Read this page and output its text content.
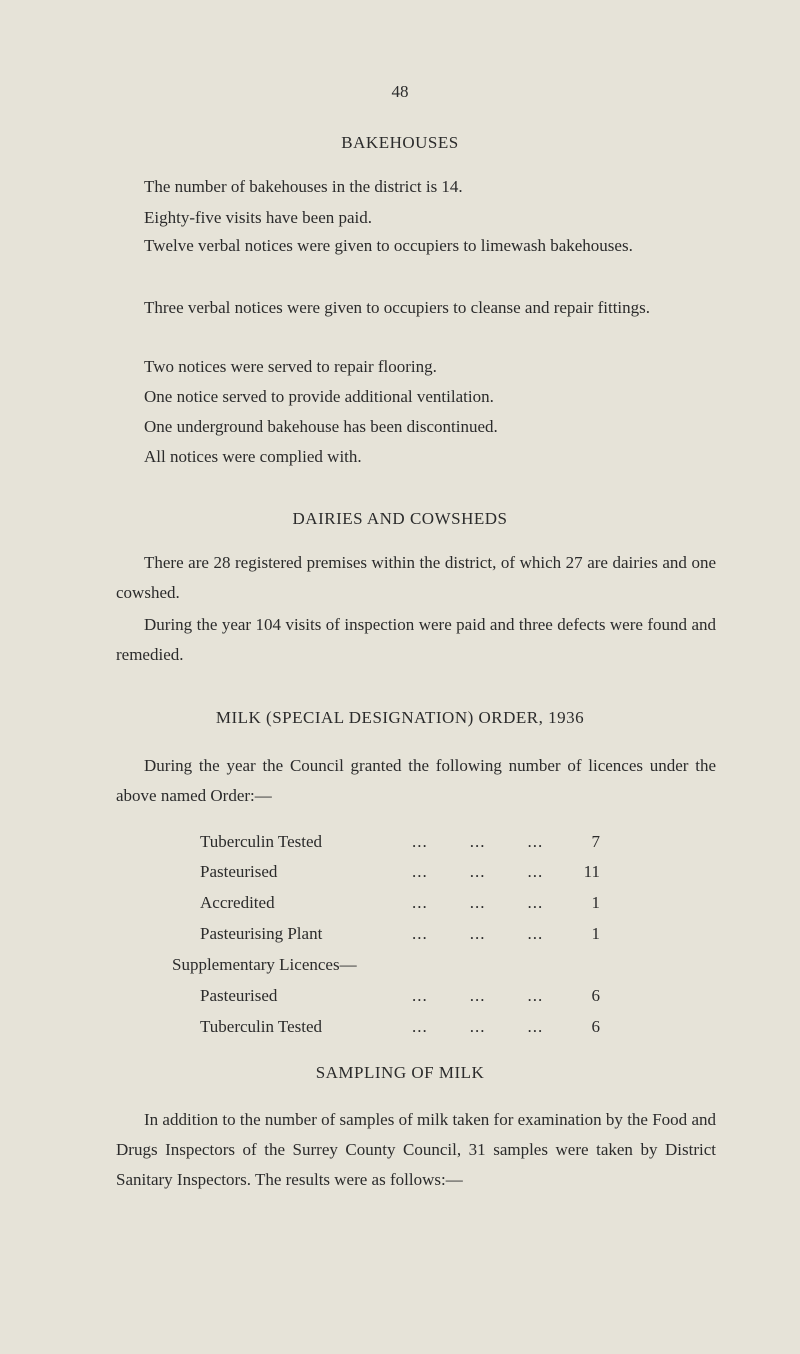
48
BAKEHOUSES
The number of bakehouses in the district is 14.
Eighty-five visits have been paid.
Twelve verbal notices were given to occupiers to limewash bakehouses.
Three verbal notices were given to occupiers to cleanse and repair fittings.
Two notices were served to repair flooring.
One notice served to provide additional ventilation.
One underground bakehouse has been discontinued.
All notices were complied with.
DAIRIES AND COWSHEDS
There are 28 registered premises within the district, of which 27 are dairies and one cowshed.
During the year 104 visits of inspection were paid and three defects were found and remedied.
MILK (SPECIAL DESIGNATION) ORDER, 1936
During the year the Council granted the following number of licences under the above named Order:—
Tuberculin Tested	...        ...        ...	7
Pasteurised	...        ...        ... 11
Accredited	...        ...        ...	1
Pasteurising Plant	...        ...        ...	1
Supplementary Licences—
Pasteurised	...        ...        ...	6
Tuberculin Tested	...        ...        ...	6
SAMPLING OF MILK
In addition to the number of samples of milk taken for examination by the Food and Drugs Inspectors of the Surrey County Council, 31 samples were taken by District Sanitary Inspectors. The results were as follows:—
